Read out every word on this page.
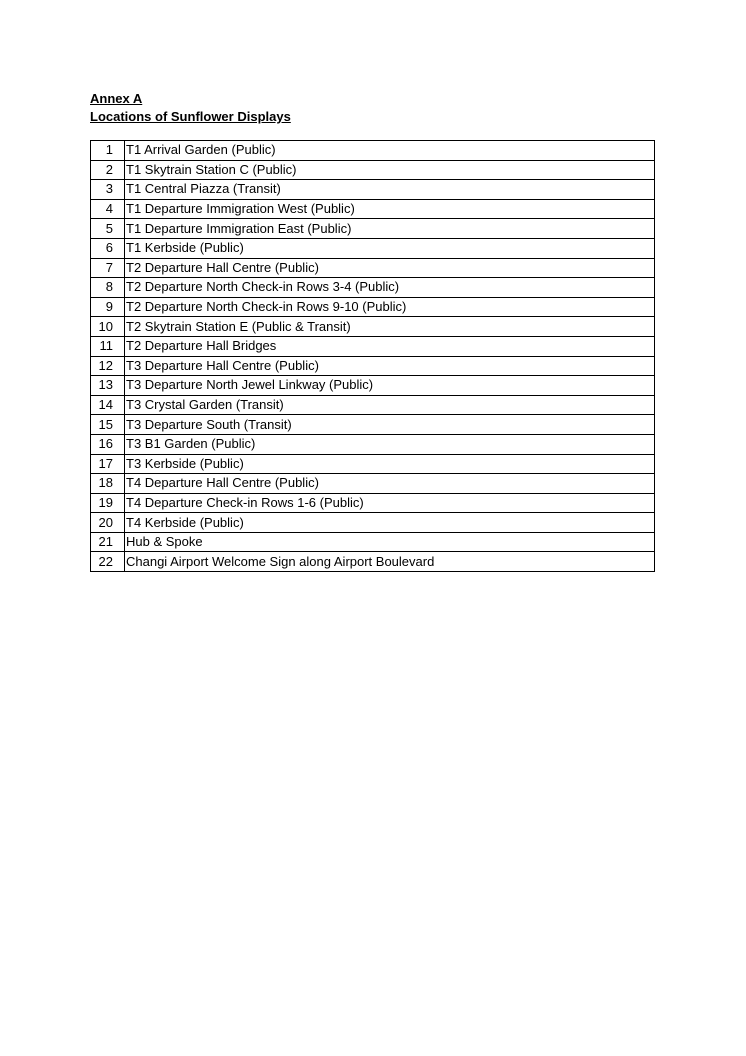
Annex A
Locations of Sunflower Displays
1	T1 Arrival Garden (Public)
2	T1 Skytrain Station C (Public)
3	T1 Central Piazza (Transit)
4	T1 Departure Immigration West (Public)
5	T1 Departure Immigration East (Public)
6	T1 Kerbside (Public)
7	T2 Departure Hall Centre (Public)
8	T2 Departure North Check-in Rows 3-4 (Public)
9	T2 Departure North Check-in Rows 9-10 (Public)
10	T2 Skytrain Station E (Public & Transit)
11	T2 Departure Hall Bridges
12	T3 Departure Hall Centre (Public)
13	T3 Departure North Jewel Linkway (Public)
14	T3 Crystal Garden (Transit)
15	T3 Departure South (Transit)
16	T3 B1 Garden (Public)
17	T3 Kerbside (Public)
18	T4 Departure Hall Centre (Public)
19	T4 Departure Check-in Rows 1-6 (Public)
20	T4 Kerbside (Public)
21	Hub & Spoke
22	Changi Airport Welcome Sign along Airport Boulevard
